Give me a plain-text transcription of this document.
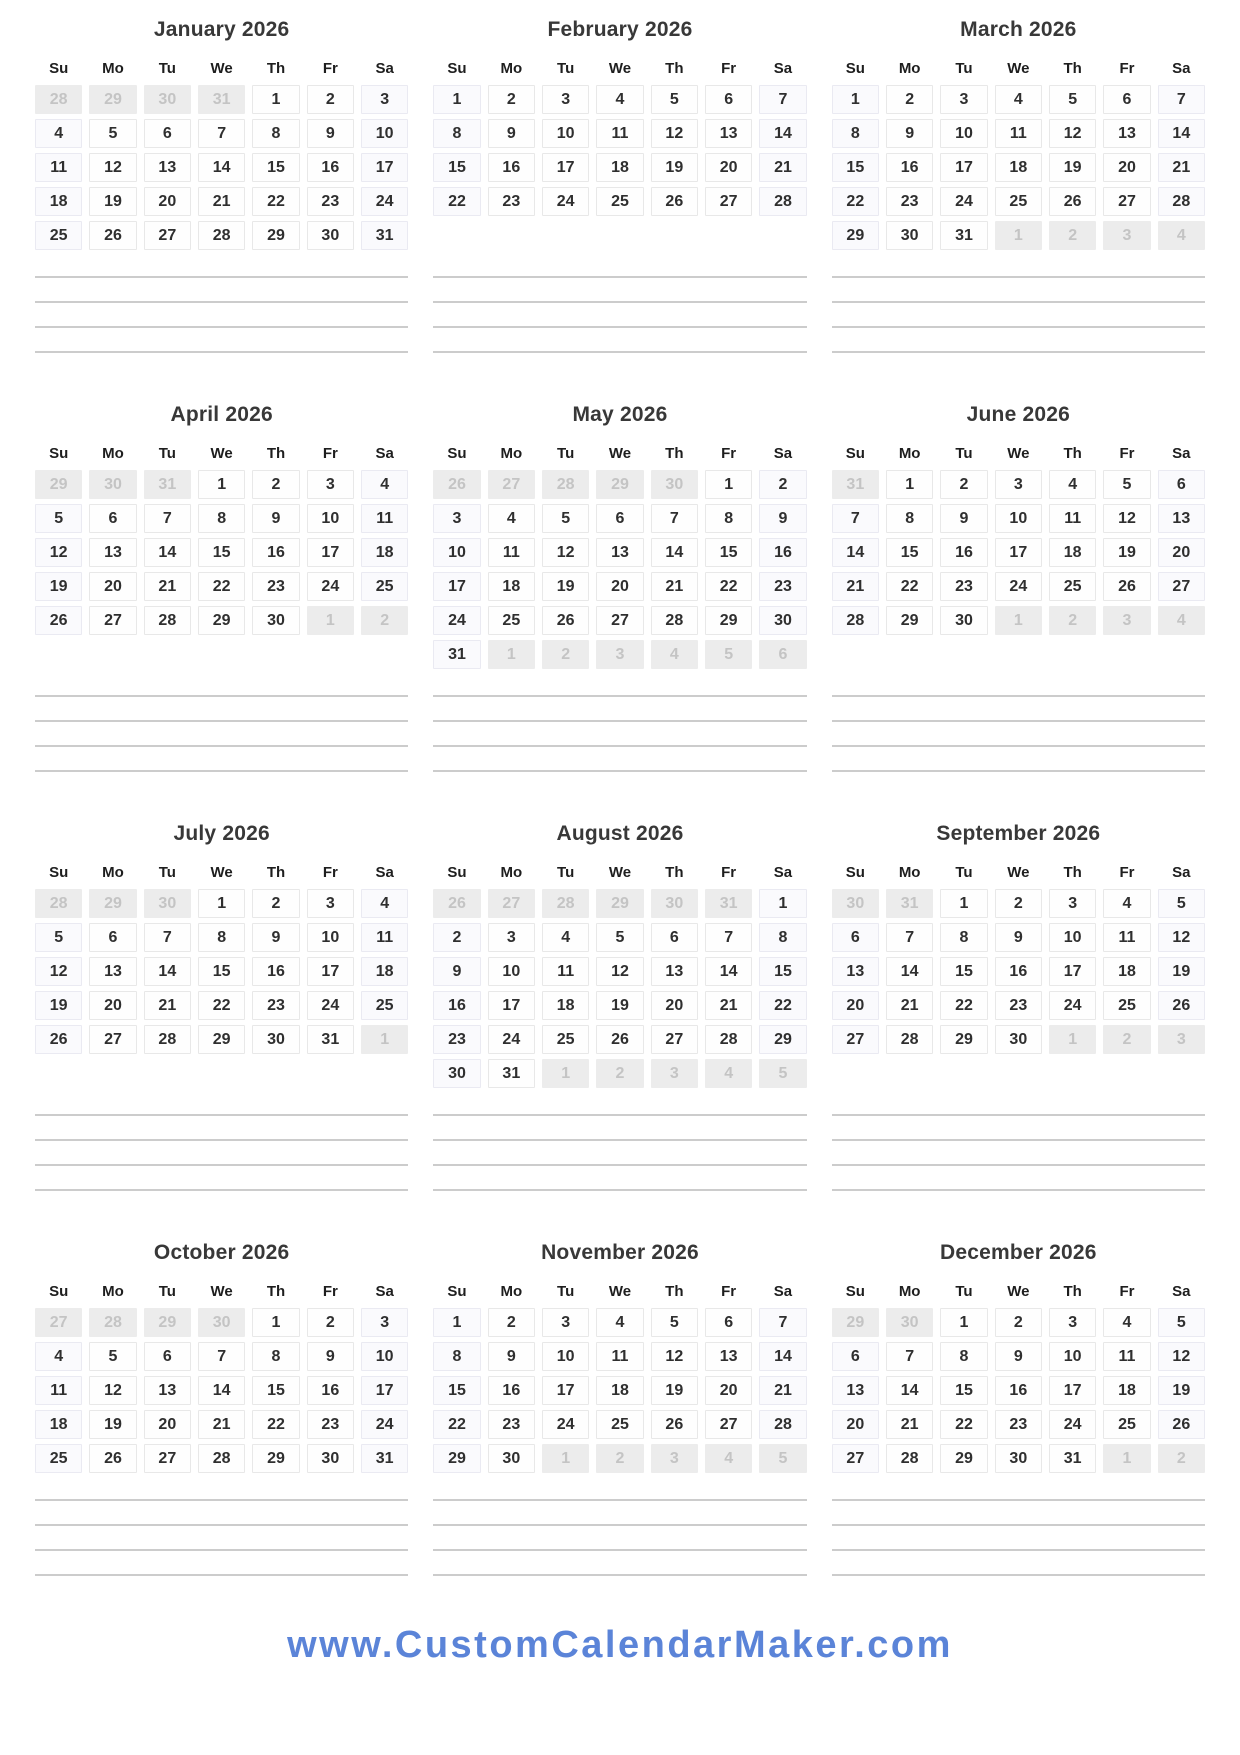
January 2026
Su	Mo	Tu	We	Th	Fr	Sa
28	29	30	31	1	2	3
4	5	6	7	8	9	10
11	12	13	14	15	16	17
18	19	20	21	22	23	24
25	26	27	28	29	30	31
February 2026
Su	Mo	Tu	We	Th	Fr	Sa
1	2	3	4	5	6	7
8	9	10	11	12	13	14
15	16	17	18	19	20	21
22	23	24	25	26	27	28
March 2026
Su	Mo	Tu	We	Th	Fr	Sa
1	2	3	4	5	6	7
8	9	10	11	12	13	14
15	16	17	18	19	20	21
22	23	24	25	26	27	28
29	30	31	1	2	3	4
April 2026
Su	Mo	Tu	We	Th	Fr	Sa
29	30	31	1	2	3	4
5	6	7	8	9	10	11
12	13	14	15	16	17	18
19	20	21	22	23	24	25
26	27	28	29	30	1	2
May 2026
Su	Mo	Tu	We	Th	Fr	Sa
26	27	28	29	30	1	2
3	4	5	6	7	8	9
10	11	12	13	14	15	16
17	18	19	20	21	22	23
24	25	26	27	28	29	30
31	1	2	3	4	5	6
June 2026
Su	Mo	Tu	We	Th	Fr	Sa
31	1	2	3	4	5	6
7	8	9	10	11	12	13
14	15	16	17	18	19	20
21	22	23	24	25	26	27
28	29	30	1	2	3	4
July 2026
Su	Mo	Tu	We	Th	Fr	Sa
28	29	30	1	2	3	4
5	6	7	8	9	10	11
12	13	14	15	16	17	18
19	20	21	22	23	24	25
26	27	28	29	30	31	1
August 2026
Su	Mo	Tu	We	Th	Fr	Sa
26	27	28	29	30	31	1
2	3	4	5	6	7	8
9	10	11	12	13	14	15
16	17	18	19	20	21	22
23	24	25	26	27	28	29
30	31	1	2	3	4	5
September 2026
Su	Mo	Tu	We	Th	Fr	Sa
30	31	1	2	3	4	5
6	7	8	9	10	11	12
13	14	15	16	17	18	19
20	21	22	23	24	25	26
27	28	29	30	1	2	3
October 2026
Su	Mo	Tu	We	Th	Fr	Sa
27	28	29	30	1	2	3
4	5	6	7	8	9	10
11	12	13	14	15	16	17
18	19	20	21	22	23	24
25	26	27	28	29	30	31
November 2026
Su	Mo	Tu	We	Th	Fr	Sa
1	2	3	4	5	6	7
8	9	10	11	12	13	14
15	16	17	18	19	20	21
22	23	24	25	26	27	28
29	30	1	2	3	4	5
December 2026
Su	Mo	Tu	We	Th	Fr	Sa
29	30	1	2	3	4	5
6	7	8	9	10	11	12
13	14	15	16	17	18	19
20	21	22	23	24	25	26
27	28	29	30	31	1	2
www.CustomCalendarMaker.com
